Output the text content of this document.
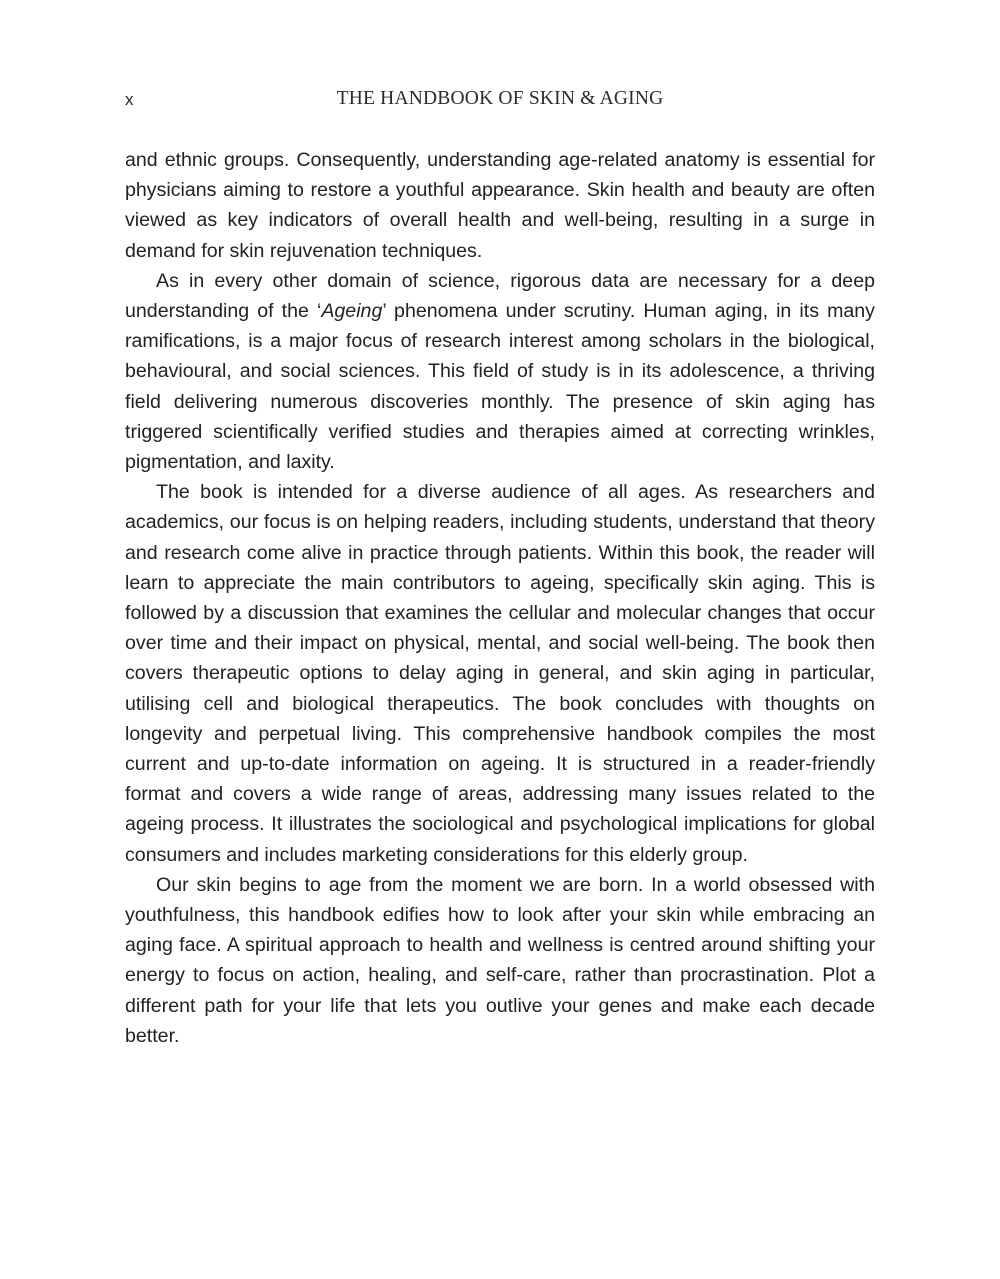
x	THE HANDBOOK OF SKIN & AGING

and ethnic groups. Consequently, understanding age-related anatomy is essential for physicians aiming to restore a youthful appearance. Skin health and beauty are often viewed as key indicators of overall health and well-being, resulting in a surge in demand for skin rejuvenation techniques.

As in every other domain of science, rigorous data are necessary for a deep understanding of the ‘Ageing’ phenomena under scrutiny. Human aging, in its many ramifications, is a major focus of research interest among scholars in the biological, behavioural, and social sciences. This field of study is in its adolescence, a thriving field delivering numerous discoveries monthly. The presence of skin aging has triggered scientifically verified studies and therapies aimed at correcting wrinkles, pigmentation, and laxity.

The book is intended for a diverse audience of all ages. As researchers and academics, our focus is on helping readers, including students, understand that theory and research come alive in practice through patients. Within this book, the reader will learn to appreciate the main contributors to ageing, specifically skin aging. This is followed by a discussion that examines the cellular and molecular changes that occur over time and their impact on physical, mental, and social well-being. The book then covers therapeutic options to delay aging in general, and skin aging in particular, utilising cell and biological therapeutics. The book concludes with thoughts on longevity and perpetual living. This comprehensive handbook compiles the most current and up-to-date information on ageing. It is structured in a reader-friendly format and covers a wide range of areas, addressing many issues related to the ageing process. It illustrates the sociological and psychological implications for global consumers and includes marketing considerations for this elderly group.

Our skin begins to age from the moment we are born. In a world obsessed with youthfulness, this handbook edifies how to look after your skin while embracing an aging face. A spiritual approach to health and wellness is centred around shifting your energy to focus on action, healing, and self-care, rather than procrastination. Plot a different path for your life that lets you outlive your genes and make each decade better.
